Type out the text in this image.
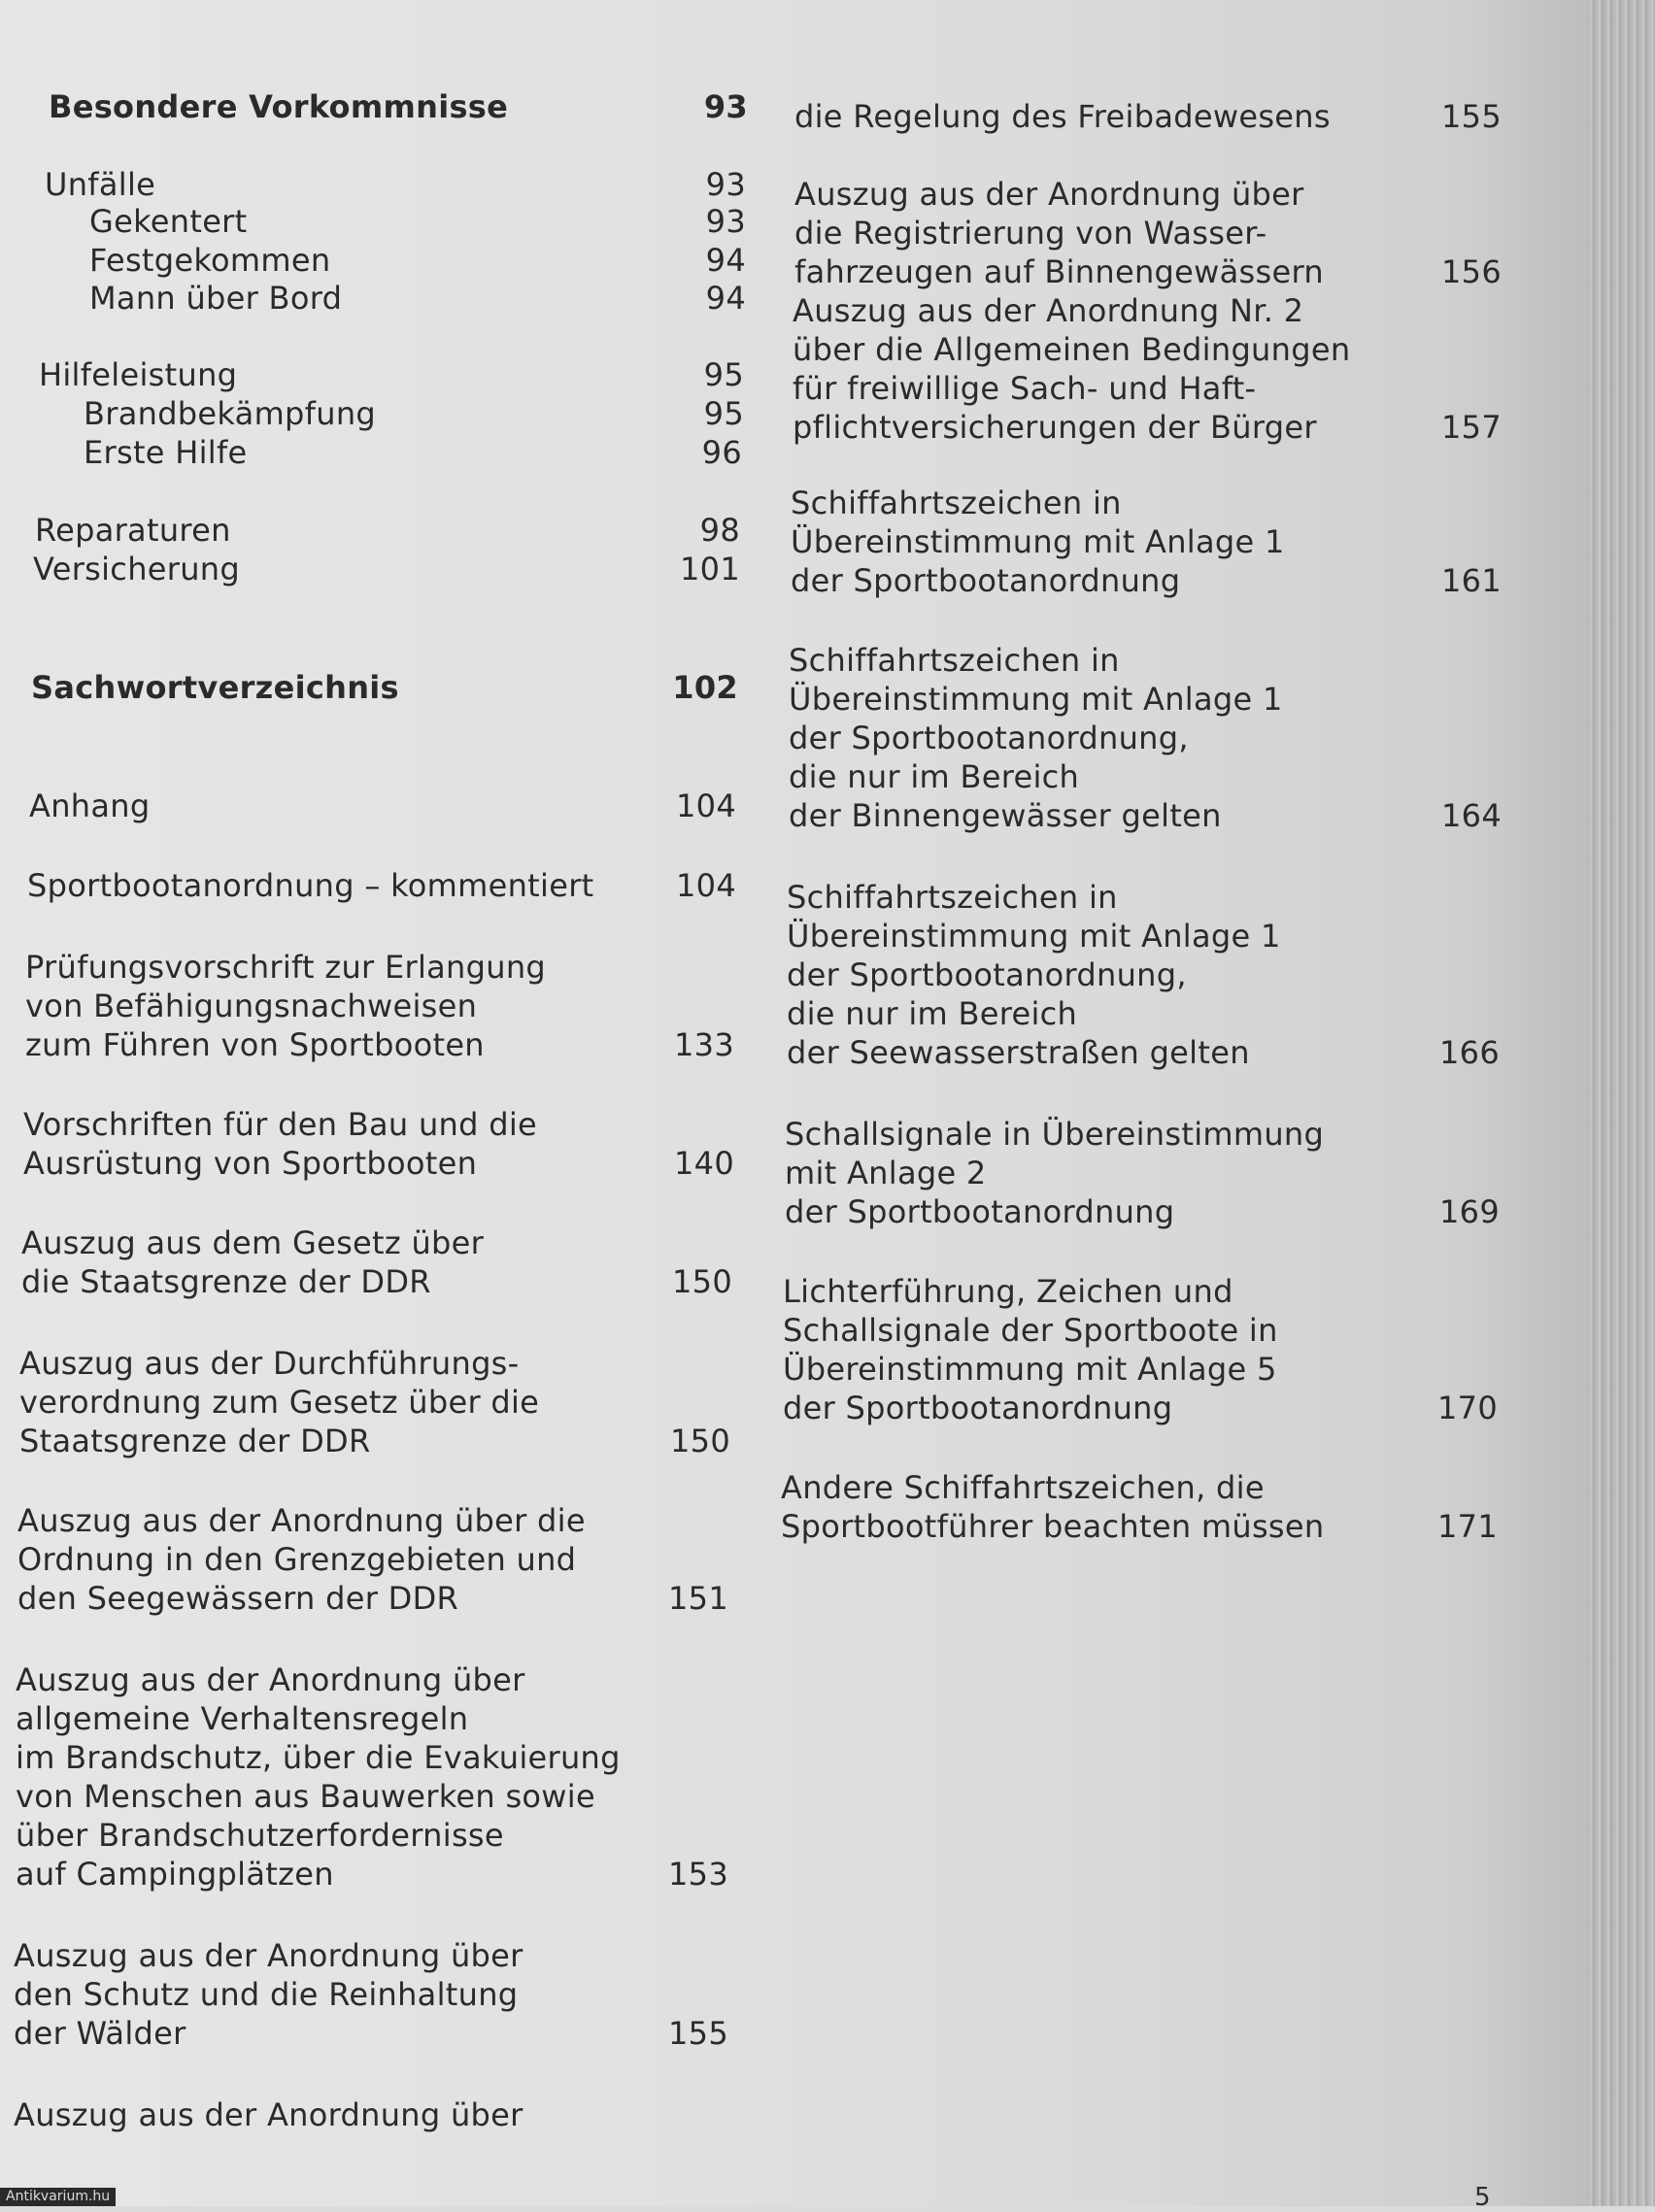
Besondere Vorkommnisse	93
Unfälle	93
Gekentert	93
Festgekommen	94
Mann über Bord	94
Hilfeleistung	95
Brandbekämpfung	95
Erste Hilfe	96
Reparaturen	98
Versicherung	101
Sachwortverzeichnis	102
Anhang	104
Sportbootanordnung – kommentiert	104
Prüfungsvorschrift zur Erlangung
von Befähigungsnachweisen
zum Führen von Sportbooten	133
Vorschriften für den Bau und die
Ausrüstung von Sportbooten	140
Auszug aus dem Gesetz über
die Staatsgrenze der DDR	150
Auszug aus der Durchführungs-
verordnung zum Gesetz über die
Staatsgrenze der DDR	150
Auszug aus der Anordnung über die
Ordnung in den Grenzgebieten und
den Seegewässern der DDR	151
Auszug aus der Anordnung über
allgemeine Verhaltensregeln
im Brandschutz, über die Evakuierung
von Menschen aus Bauwerken sowie
über Brandschutzerfordernisse
auf Campingplätzen	153
Auszug aus der Anordnung über
den Schutz und die Reinhaltung
der Wälder	155
Auszug aus der Anordnung über
die Regelung des Freibadewesens	155
Auszug aus der Anordnung über
die Registrierung von Wasser-
fahrzeugen auf Binnengewässern	156
Auszug aus der Anordnung Nr. 2
über die Allgemeinen Bedingungen
für freiwillige Sach- und Haft-
pflichtversicherungen der Bürger	157
Schiffahrtszeichen in
Übereinstimmung mit Anlage 1
der Sportbootanordnung	161
Schiffahrtszeichen in
Übereinstimmung mit Anlage 1
der Sportbootanordnung,
die nur im Bereich
der Binnengewässer gelten	164
Schiffahrtszeichen in
Übereinstimmung mit Anlage 1
der Sportbootanordnung,
die nur im Bereich
der Seewasserstraßen gelten	166
Schallsignale in Übereinstimmung
mit Anlage 2
der Sportbootanordnung	169
Lichterführung, Zeichen und
Schallsignale der Sportboote in
Übereinstimmung mit Anlage 5
der Sportbootanordnung	170
Andere Schiffahrtszeichen, die
Sportbootführer beachten müssen	171
5
Antikvarium.hu
